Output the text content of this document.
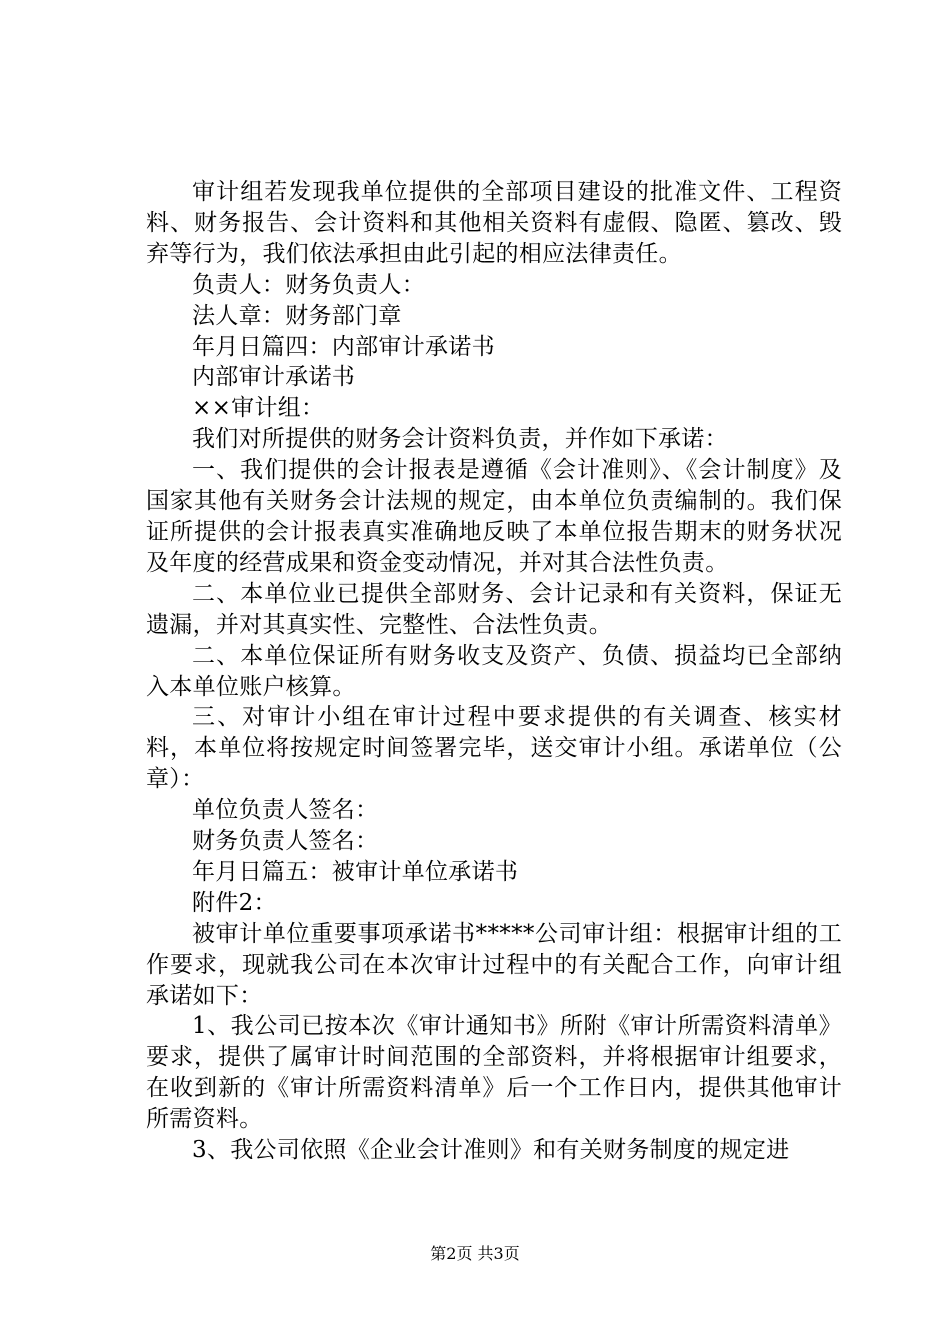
审计组若发现我单位提供的全部项目建设的批准文件、工程资料、财务报告、会计资料和其他相关资料有虚假、隐匿、篡改、毁弃等行为，我们依法承担由此引起的相应法律责任。

负责人：财务负责人：

法人章：财务部门章

年月日篇四：内部审计承诺书

内部审计承诺书

××审计组：

我们对所提供的财务会计资料负责，并作如下承诺：

一、我们提供的会计报表是遵循《会计准则》、《会计制度》及国家其他有关财务会计法规的规定，由本单位负责编制的。我们保证所提供的会计报表真实准确地反映了本单位报告期末的财务状况及年度的经营成果和资金变动情况，并对其合法性负责。

二、本单位业已提供全部财务、会计记录和有关资料，保证无遗漏，并对其真实性、完整性、合法性负责。

二、本单位保证所有财务收支及资产、负债、损益均已全部纳入本单位账户核算。

三、对审计小组在审计过程中要求提供的有关调查、核实材料，本单位将按规定时间签署完毕，送交审计小组。承诺单位（公章）：

单位负责人签名：

财务负责人签名：

年月日篇五：被审计单位承诺书

附件2：

被审计单位重要事项承诺书*****公司审计组：根据审计组的工作要求，现就我公司在本次审计过程中的有关配合工作，向审计组承诺如下：

1、我公司已按本次《审计通知书》所附《审计所需资料清单》要求，提供了属审计时间范围的全部资料，并将根据审计组要求，在收到新的《审计所需资料清单》后一个工作日内，提供其他审计所需资料。

3、我公司依照《企业会计准则》和有关财务制度的规定进

第2页 共3页
